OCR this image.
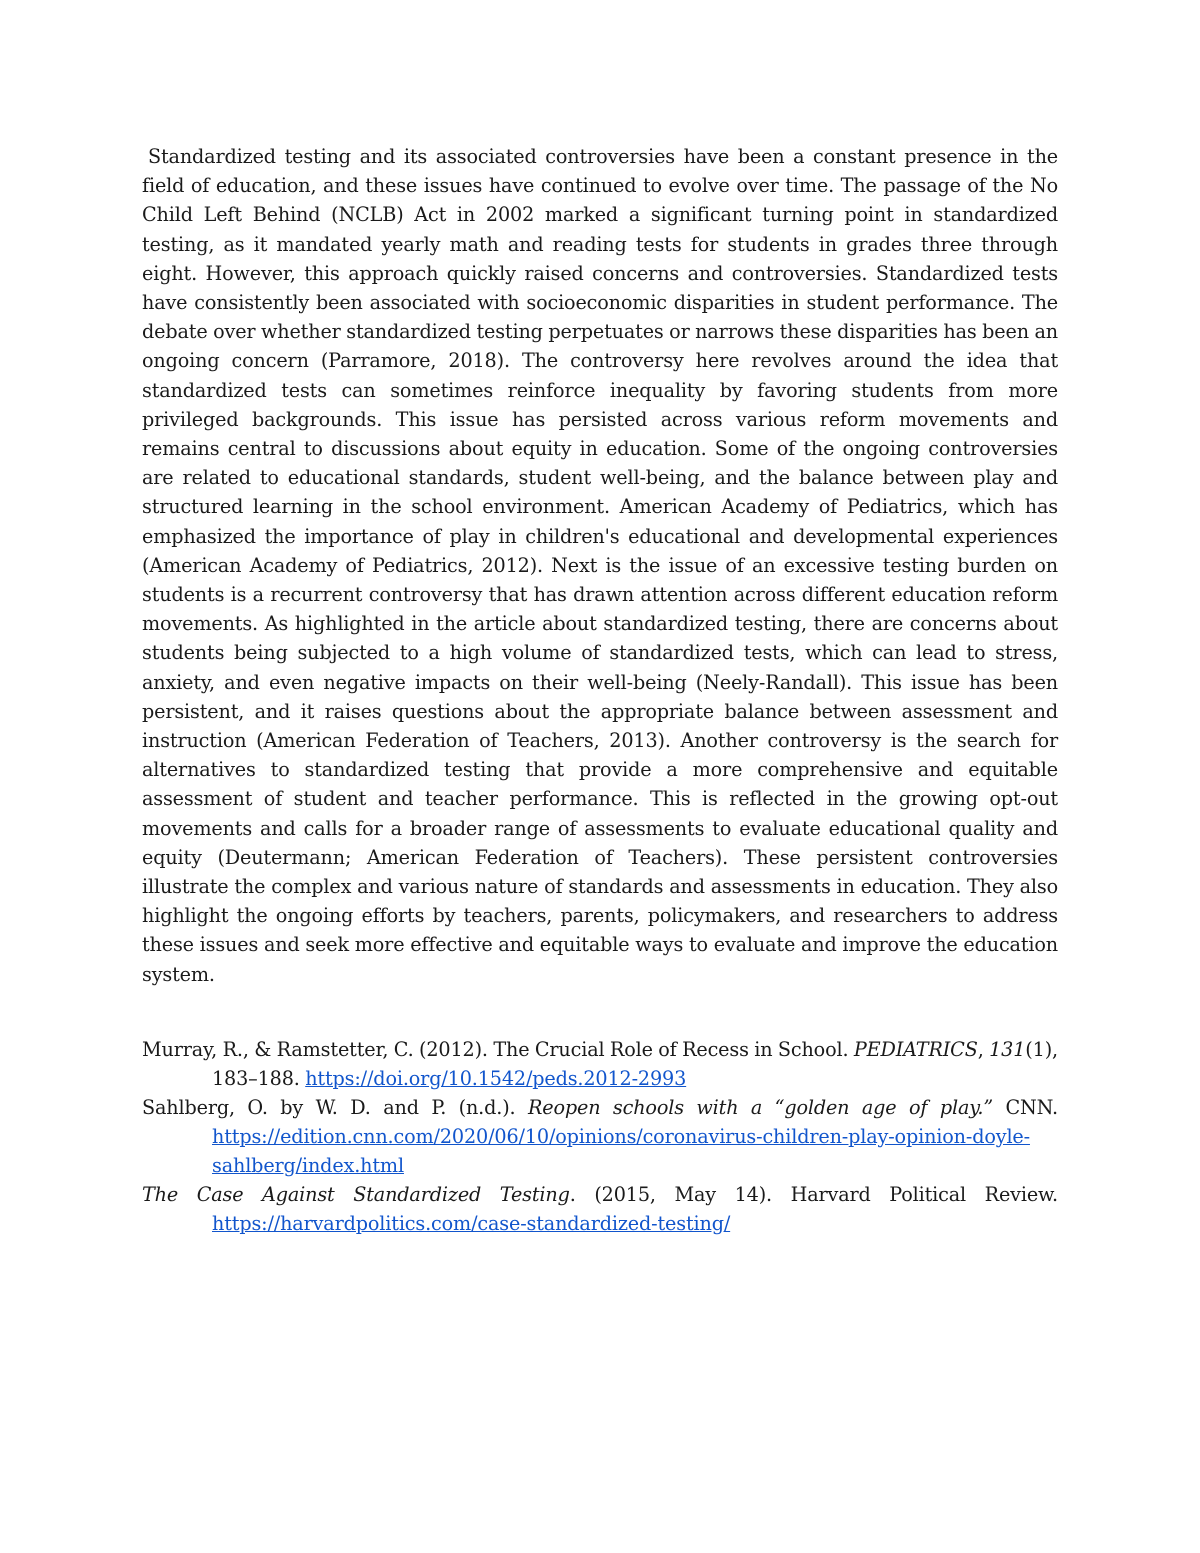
Standardized testing and its associated controversies have been a constant presence in the field of education, and these issues have continued to evolve over time. The passage of the No Child Left Behind (NCLB) Act in 2002 marked a significant turning point in standardized testing, as it mandated yearly math and reading tests for students in grades three through eight. However, this approach quickly raised concerns and controversies. Standardized tests have consistently been associated with socioeconomic disparities in student performance. The debate over whether standardized testing perpetuates or narrows these disparities has been an ongoing concern (Parramore, 2018). The controversy here revolves around the idea that standardized tests can sometimes reinforce inequality by favoring students from more privileged backgrounds. This issue has persisted across various reform movements and remains central to discussions about equity in education. Some of the ongoing controversies are related to educational standards, student well-being, and the balance between play and structured learning in the school environment. American Academy of Pediatrics, which has emphasized the importance of play in children's educational and developmental experiences (American Academy of Pediatrics, 2012). Next is the issue of an excessive testing burden on students is a recurrent controversy that has drawn attention across different education reform movements. As highlighted in the article about standardized testing, there are concerns about students being subjected to a high volume of standardized tests, which can lead to stress, anxiety, and even negative impacts on their well-being (Neely-Randall). This issue has been persistent, and it raises questions about the appropriate balance between assessment and instruction (American Federation of Teachers, 2013). Another controversy is the search for alternatives to standardized testing that provide a more comprehensive and equitable assessment of student and teacher performance. This is reflected in the growing opt-out movements and calls for a broader range of assessments to evaluate educational quality and equity (Deutermann; American Federation of Teachers). These persistent controversies illustrate the complex and various nature of standards and assessments in education. They also highlight the ongoing efforts by teachers, parents, policymakers, and researchers to address these issues and seek more effective and equitable ways to evaluate and improve the education system.

Murray, R., & Ramstetter, C. (2012). The Crucial Role of Recess in School. PEDIATRICS, 131(1), 183–188. https://doi.org/10.1542/peds.2012-2993

Sahlberg, O. by W. D. and P. (n.d.). Reopen schools with a “golden age of play.” CNN. https://edition.cnn.com/2020/06/10/opinions/coronavirus-children-play-opinion-doyle-sahlberg/index.html

The Case Against Standardized Testing. (2015, May 14). Harvard Political Review. https://harvardpolitics.com/case-standardized-testing/
